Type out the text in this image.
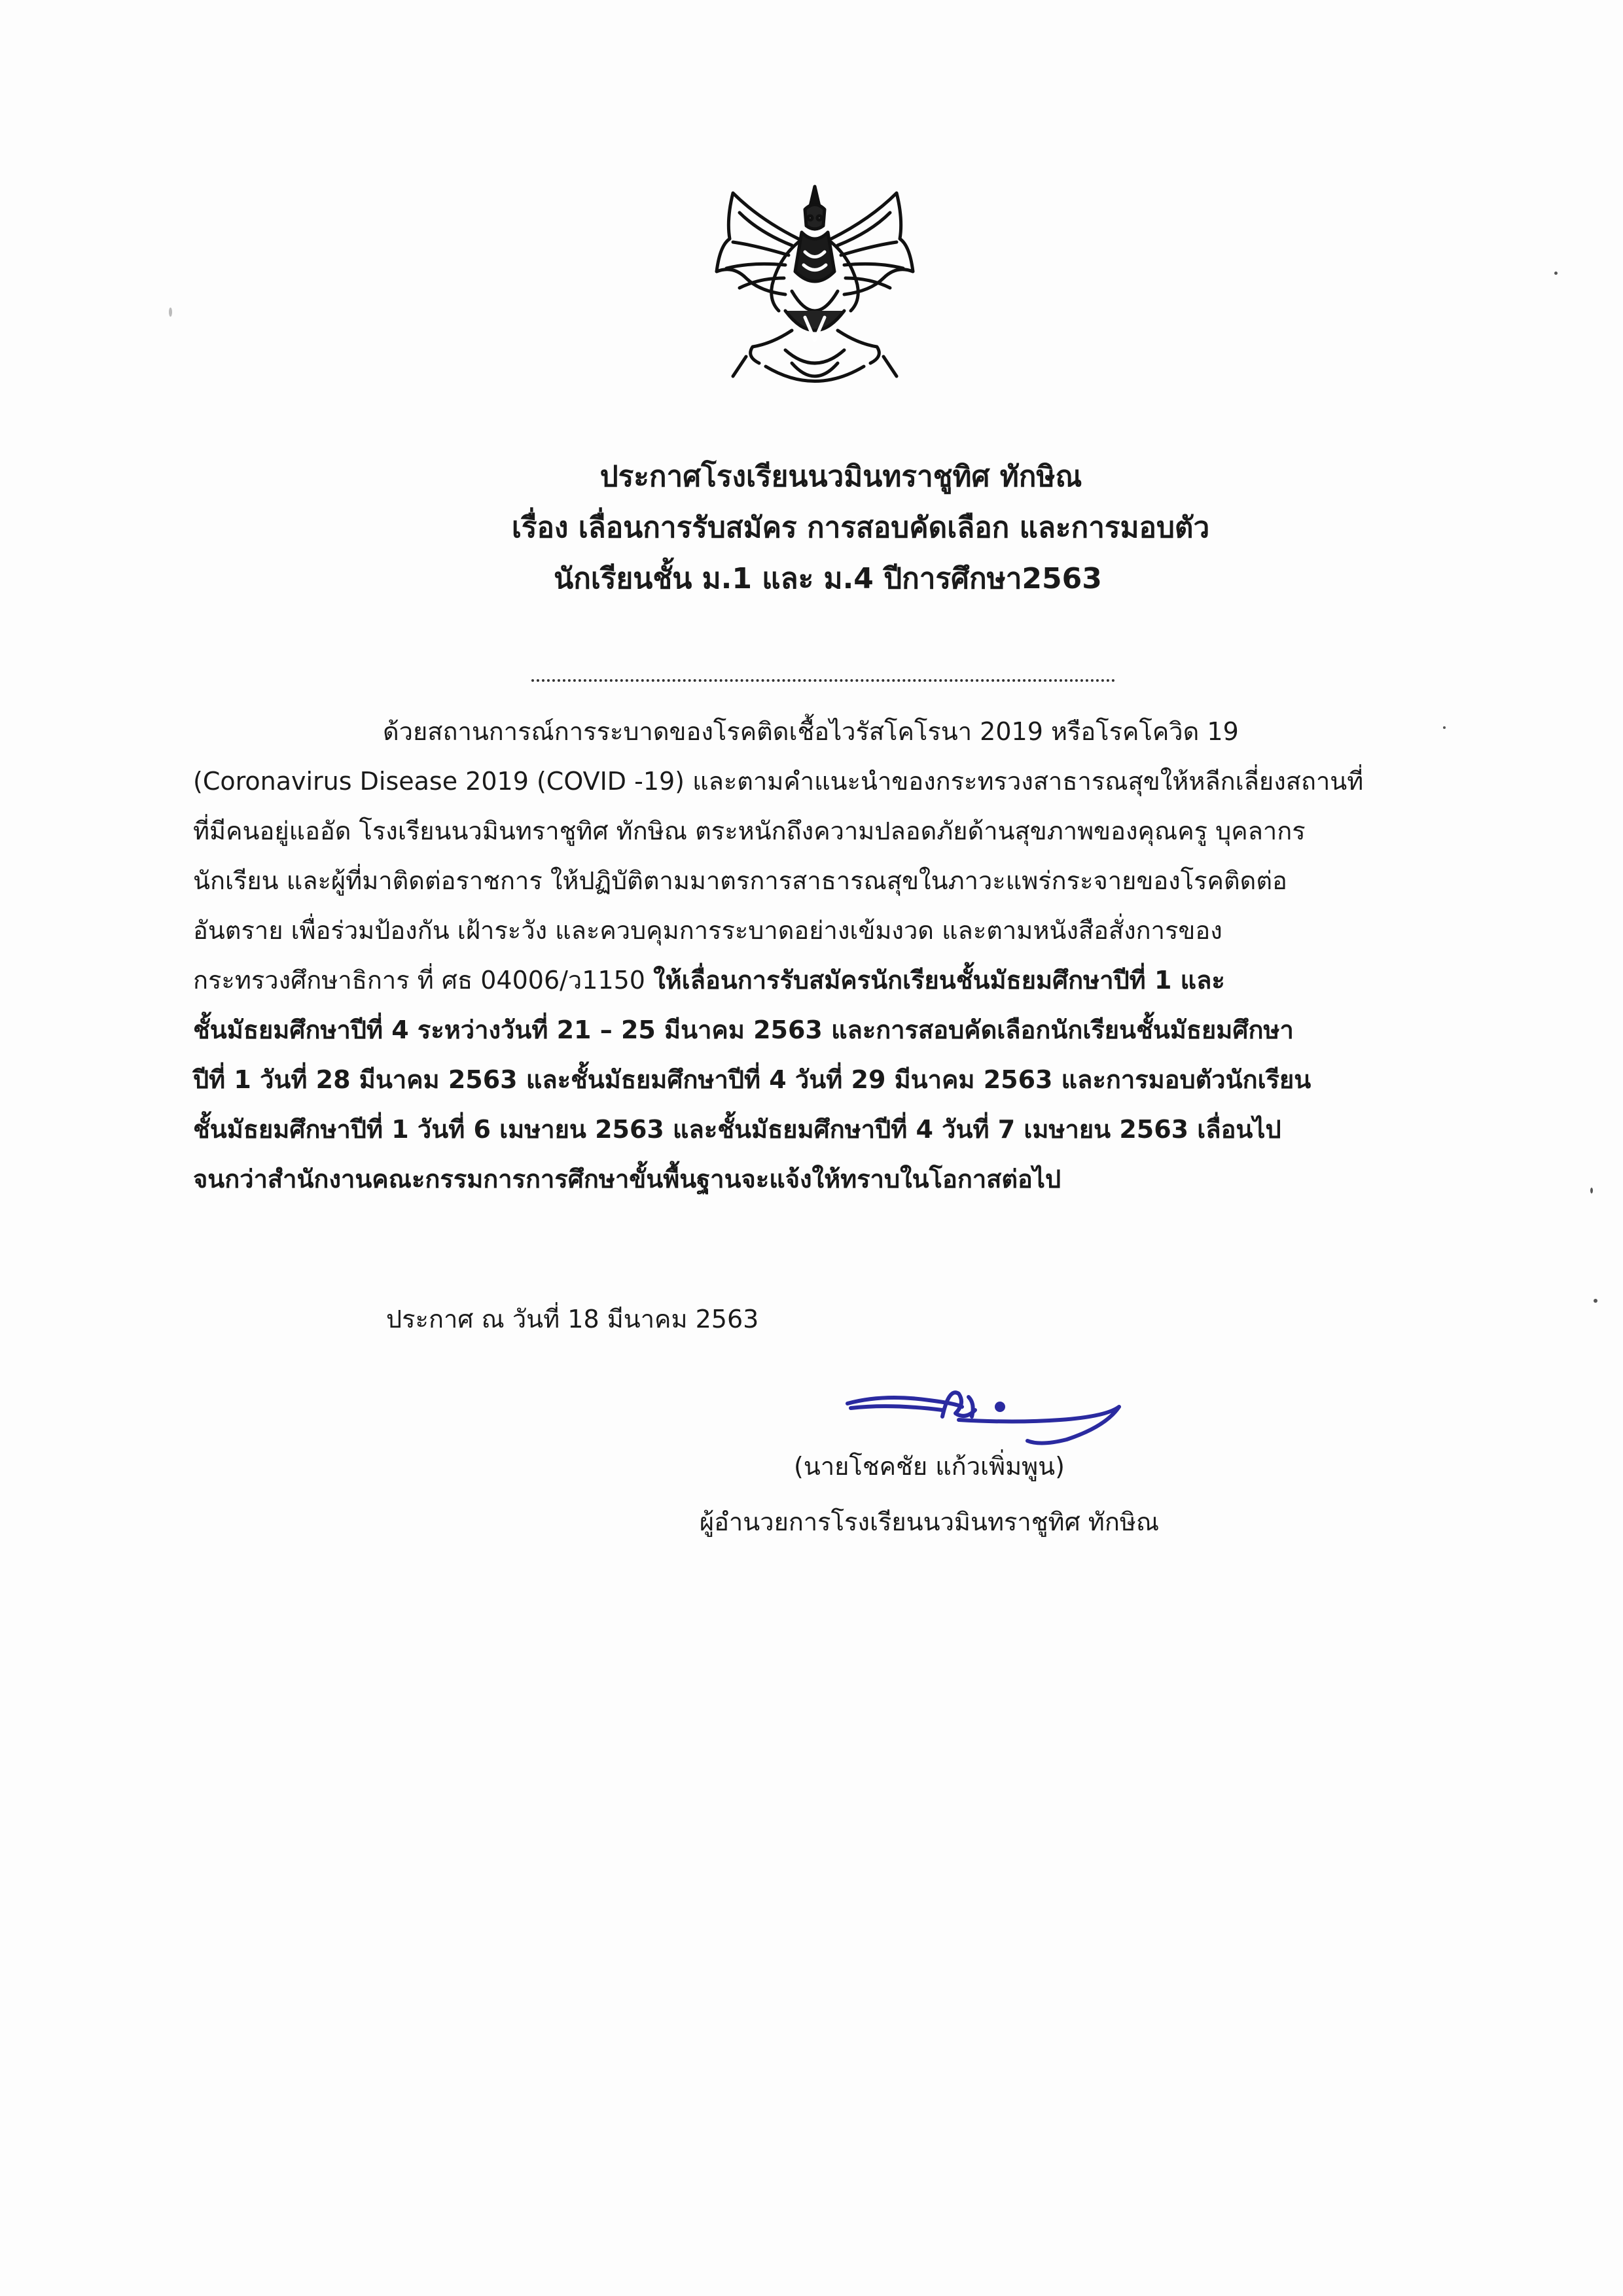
ประกาศโรงเรียนนวมินทราชูทิศ ทักษิณ
เรื่อง เลื่อนการรับสมัคร การสอบคัดเลือก และการมอบตัว
นักเรียนชั้น ม.1 และ ม.4 ปีการศึกษา2563
ด้วยสถานการณ์การระบาดของโรคติดเชื้อไวรัสโคโรนา 2019 หรือโรคโควิด 19
(Coronavirus Disease 2019 (COVID -19) และตามคำแนะนำของกระทรวงสาธารณสุขให้หลีกเลี่ยงสถานที่
ที่มีคนอยู่แออัด โรงเรียนนวมินทราชูทิศ ทักษิณ ตระหนักถึงความปลอดภัยด้านสุขภาพของคุณครู บุคลากร
นักเรียน และผู้ที่มาติดต่อราชการ ให้ปฏิบัติตามมาตรการสาธารณสุขในภาวะแพร่กระจายของโรคติดต่อ
อันตราย เพื่อร่วมป้องกัน เฝ้าระวัง และควบคุมการระบาดอย่างเข้มงวด และตามหนังสือสั่งการของ
กระทรวงศึกษาธิการ ที่ ศธ 04006/ว1150 ให้เลื่อนการรับสมัครนักเรียนชั้นมัธยมศึกษาปีที่ 1 และ
ชั้นมัธยมศึกษาปีที่ 4 ระหว่างวันที่ 21 – 25 มีนาคม 2563 และการสอบคัดเลือกนักเรียนชั้นมัธยมศึกษา
ปีที่ 1 วันที่ 28 มีนาคม 2563 และชั้นมัธยมศึกษาปีที่ 4 วันที่ 29 มีนาคม 2563 และการมอบตัวนักเรียน
ชั้นมัธยมศึกษาปีที่ 1 วันที่ 6 เมษายน 2563 และชั้นมัธยมศึกษาปีที่ 4 วันที่ 7 เมษายน 2563 เลื่อนไป
จนกว่าสำนักงานคณะกรรมการการศึกษาขั้นพื้นฐานจะแจ้งให้ทราบในโอกาสต่อไป
ประกาศ ณ วันที่ 18 มีนาคม 2563
(นายโชคชัย แก้วเพิ่มพูน)
ผู้อำนวยการโรงเรียนนวมินทราชูทิศ ทักษิณ
